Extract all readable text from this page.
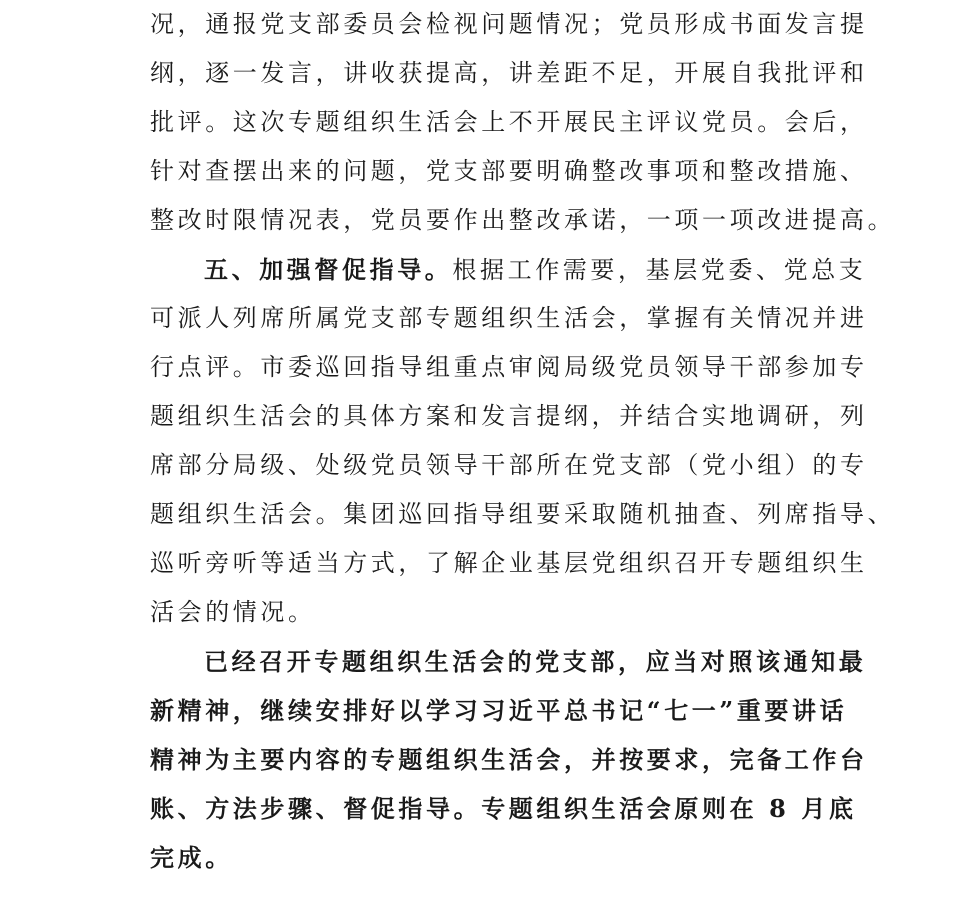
况，通报党支部委员会检视问题情况；党员形成书面发言提
纲，逐一发言，讲收获提高，讲差距不足，开展自我批评和
批评。这次专题组织生活会上不开展民主评议党员。会后，
针对查摆出来的问题，党支部要明确整改事项和整改措施、
整改时限情况表，党员要作出整改承诺，一项一项改进提高。
五、加强督促指导。根据工作需要，基层党委、党总支
可派人列席所属党支部专题组织生活会，掌握有关情况并进
行点评。市委巡回指导组重点审阅局级党员领导干部参加专
题组织生活会的具体方案和发言提纲，并结合实地调研，列
席部分局级、处级党员领导干部所在党支部（党小组）的专
题组织生活会。集团巡回指导组要采取随机抽查、列席指导、
巡听旁听等适当方式，了解企业基层党组织召开专题组织生
活会的情况。
已经召开专题组织生活会的党支部，应当对照该通知最
新精神，继续安排好以学习习近平总书记“七一”重要讲话
精神为主要内容的专题组织生活会，并按要求，完备工作台
账、方法步骤、督促指导。专题组织生活会原则在 8 月底
完成。
